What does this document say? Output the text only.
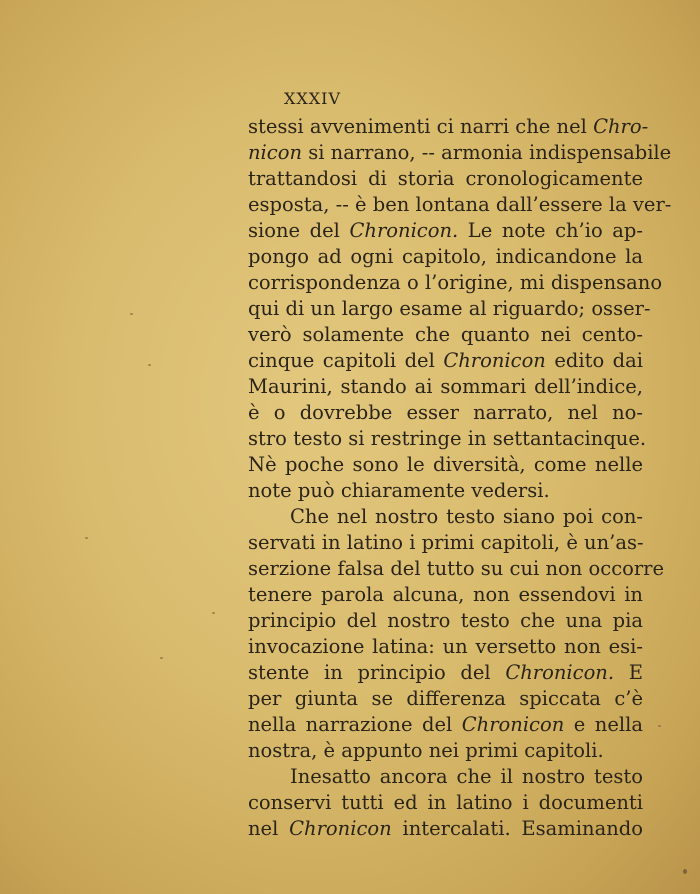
XXXIV
stessi avvenimenti ci narri che nel Chro-
nicon si narrano, -- armonia indispensabile
trattandosi di storia cronologicamente
esposta, -- è ben lontana dall’essere la ver-
sione del Chronicon. Le note ch’io ap-
pongo ad ogni capitolo, indicandone la
corrispondenza o l’origine, mi dispensano
qui di un largo esame al riguardo; osser-
verò solamente che quanto nei cento-
cinque capitoli del Chronicon edito dai
Maurini, stando ai sommari dell’indice,
è o dovrebbe esser narrato, nel no-
stro testo si restringe in settantacinque.
Nè poche sono le diversità, come nelle
note può chiaramente vedersi.
Che nel nostro testo siano poi con-
servati in latino i primi capitoli, è un’as-
serzione falsa del tutto su cui non occorre
tenere parola alcuna, non essendovi in
principio del nostro testo che una pia
invocazione latina: un versetto non esi-
stente in principio del Chronicon. E
per giunta se differenza spiccata c’è
nella narrazione del Chronicon e nella
nostra, è appunto nei primi capitoli.
Inesatto ancora che il nostro testo
conservi tutti ed in latino i documenti
nel Chronicon intercalati. Esaminando
